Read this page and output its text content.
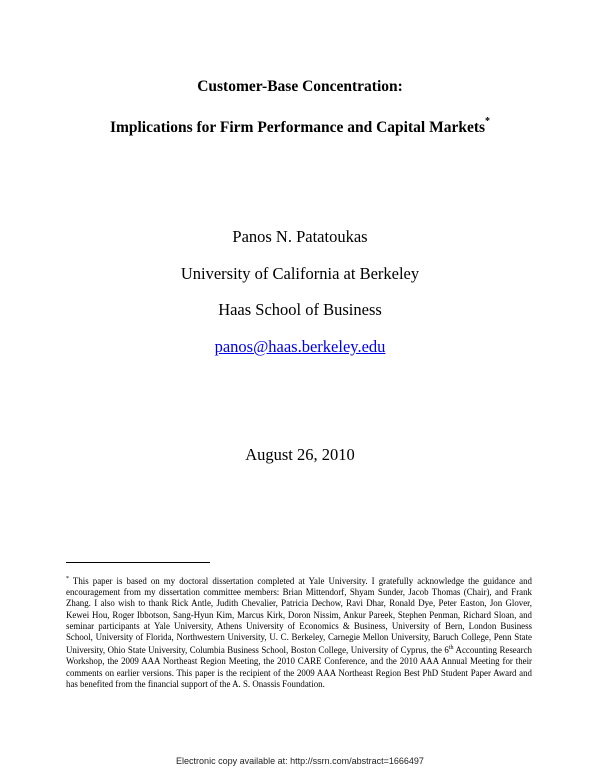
Customer-Base Concentration:
Implications for Firm Performance and Capital Markets*
Panos N. Patatoukas
University of California at Berkeley
Haas School of Business
panos@haas.berkeley.edu
August 26, 2010
* This paper is based on my doctoral dissertation completed at Yale University. I gratefully acknowledge the guidance and encouragement from my dissertation committee members: Brian Mittendorf, Shyam Sunder, Jacob Thomas (Chair), and Frank Zhang. I also wish to thank Rick Antle, Judith Chevalier, Patricia Dechow, Ravi Dhar, Ronald Dye, Peter Easton, Jon Glover, Kewei Hou, Roger Ibbotson, Sang-Hyun Kim, Marcus Kirk, Doron Nissim, Ankur Pareek, Stephen Penman, Richard Sloan, and seminar participants at Yale University, Athens University of Economics & Business, University of Bern, London Business School, University of Florida, Northwestern University, U. C. Berkeley, Carnegie Mellon University, Baruch College, Penn State University, Ohio State University, Columbia Business School, Boston College, University of Cyprus, the 6th Accounting Research Workshop, the 2009 AAA Northeast Region Meeting, the 2010 CARE Conference, and the 2010 AAA Annual Meeting for their comments on earlier versions. This paper is the recipient of the 2009 AAA Northeast Region Best PhD Student Paper Award and has benefited from the financial support of the A. S. Onassis Foundation.
Electronic copy available at: http://ssrn.com/abstract=1666497
